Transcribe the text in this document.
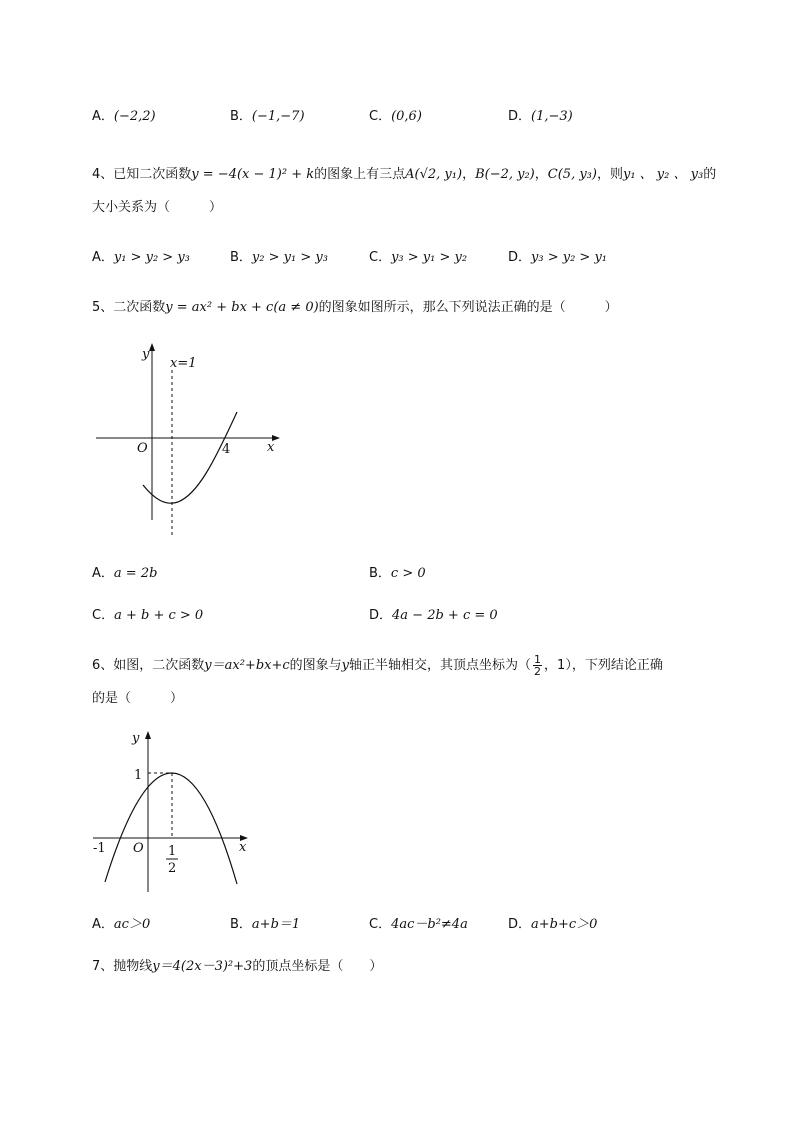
A．(−2,2)	B．(−1,−7)	C．(0,6)	D．(1,−3)
4、已知二次函数y = −4(x − 1)² + k的图象上有三点A(√2, y₁)，B(−2, y₂)，C(5, y₃)，则y₁ 、 y₂ 、 y₃的
大小关系为（　　　）
A．y₁ > y₂ > y₃	B．y₂ > y₁ > y₃	C．y₃ > y₁ > y₂	D．y₃ > y₂ > y₁
5、二次函数y = ax² + bx + c(a ≠ 0)的图象如图所示，那么下列说法正确的是（　　　）
y
x=1
O	4	x
A．a = 2b	B．c > 0
C．a + b + c > 0	D．4a − 2b + c = 0
6、如图，二次函数y＝ax²+bx+c的图象与y轴正半轴相交，其顶点坐标为（ $\frac{1}{2}$ ，1），下列结论正确
的是（　　　）
y
1
-1 O 1
2
x
A．ac＞0	B．a+b＝1	C．4ac－b²≠4a	D．a+b+c＞0
7、抛物线y＝4(2x－3)²+3的顶点坐标是（　　）
